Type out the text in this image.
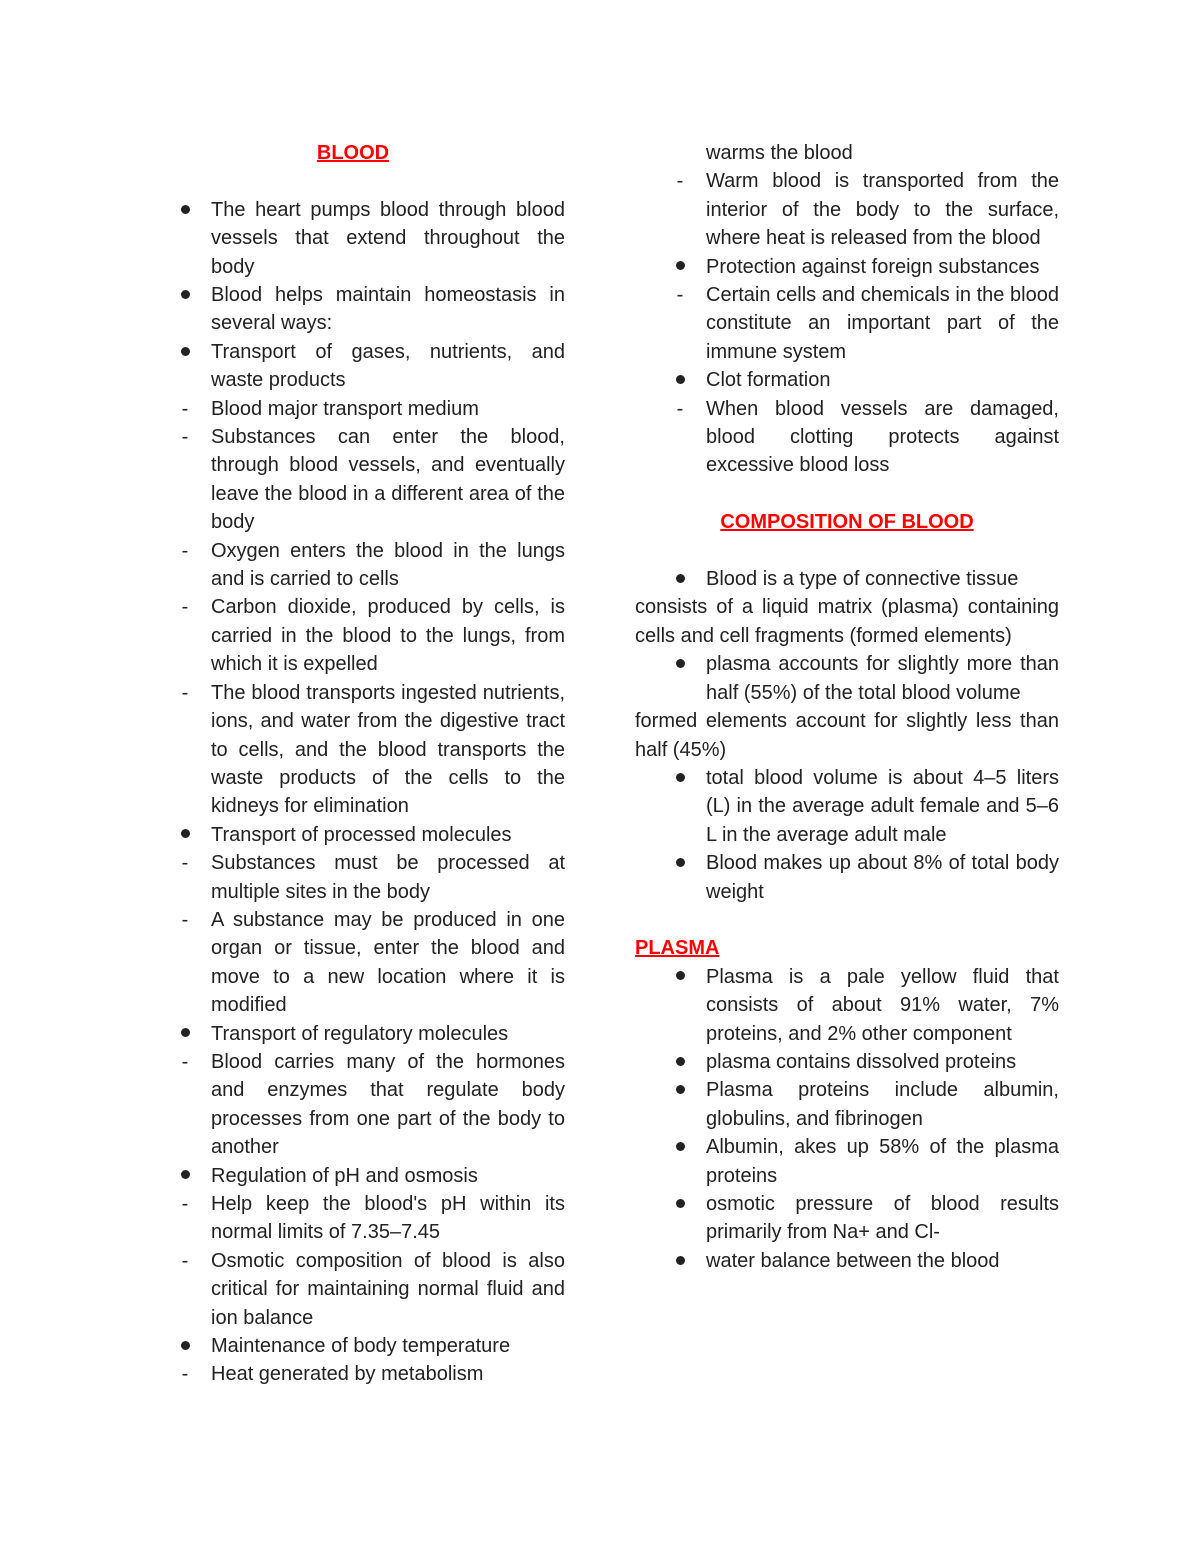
BLOOD
The heart pumps blood through blood vessels that extend throughout the body
Blood helps maintain homeostasis in several ways:
Transport of gases, nutrients, and waste products
-	Blood major transport medium
-	Substances can enter the blood, through blood vessels, and eventually leave the blood in a different area of the body
-	Oxygen enters the blood in the lungs and is carried to cells
-	Carbon dioxide, produced by cells, is carried in the blood to the lungs, from which it is expelled
-	The blood transports ingested nutrients, ions, and water from the digestive tract to cells, and the blood transports the waste products of the cells to the kidneys for elimination
Transport of processed molecules
-	Substances must be processed at multiple sites in the body
-	A substance may be produced in one organ or tissue, enter the blood and move to a new location where it is modified
Transport of regulatory molecules
-	Blood carries many of the hormones and enzymes that regulate body processes from one part of the body to another
Regulation of pH and osmosis
-	Help keep the blood's pH within its normal limits of 7.35–7.45
-	Osmotic composition of blood is also critical for maintaining normal fluid and ion balance
Maintenance of body temperature
-	Heat generated by metabolism
warms the blood
-	Warm blood is transported from the interior of the body to the surface, where heat is released from the blood
Protection against foreign substances
-	Certain cells and chemicals in the blood constitute an important part of the immune system
Clot formation
-	When blood vessels are damaged, blood clotting protects against excessive blood loss
COMPOSITION OF BLOOD
Blood is a type of connective tissue
consists of a liquid matrix (plasma) containing cells and cell fragments (formed elements)
plasma accounts for slightly more than half (55%) of the total blood volume
formed elements account for slightly less than half (45%)
total blood volume is about 4–5 liters (L) in the average adult female and 5–6 L in the average adult male
Blood makes up about 8% of total body weight
PLASMA
Plasma is a pale yellow fluid that consists of about 91% water, 7% proteins, and 2% other component
plasma contains dissolved proteins
Plasma proteins include albumin, globulins, and fibrinogen
Albumin, akes up 58% of the plasma proteins
osmotic pressure of blood results primarily from Na+ and Cl-
water balance between the blood
